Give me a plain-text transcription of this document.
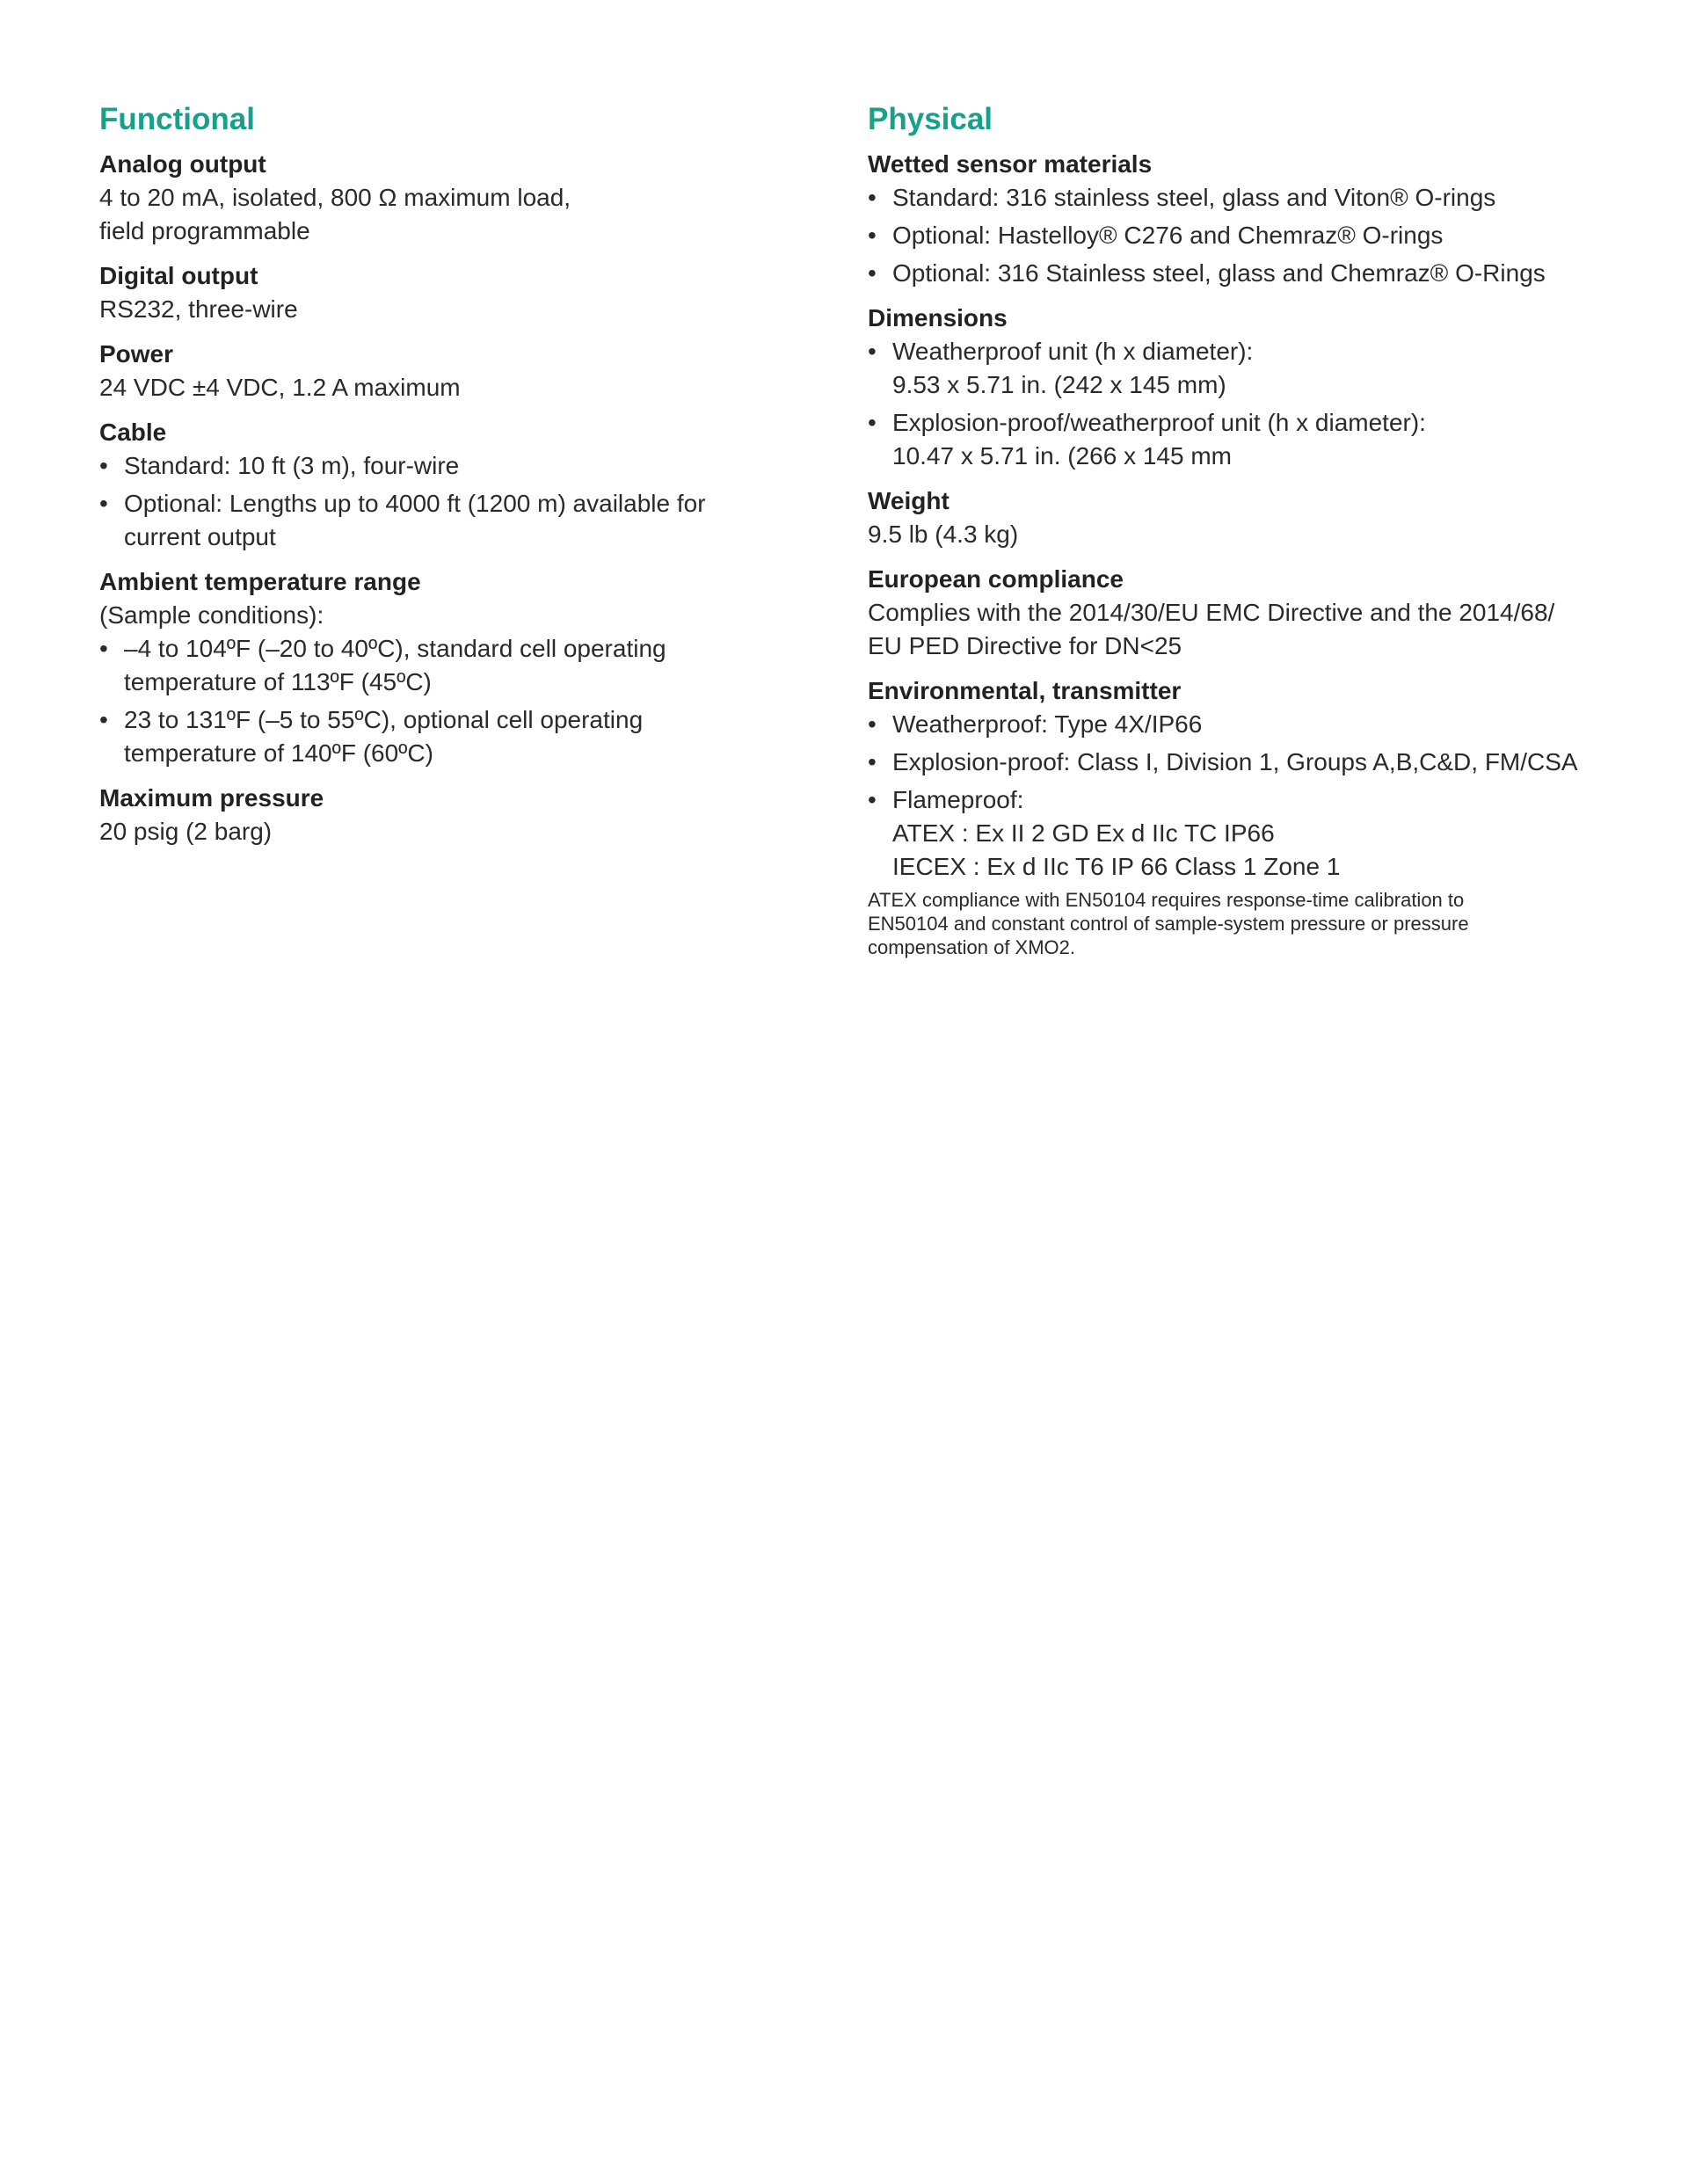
Functional
Analog output
4 to 20 mA, isolated, 800 Ω maximum load,
field programmable
Digital output
RS232, three-wire
Power
24 VDC ±4 VDC, 1.2 A maximum
Cable
• Standard: 10 ft (3 m), four-wire
• Optional: Lengths up to 4000 ft (1200 m) available for
current output
Ambient temperature range
(Sample conditions):
• –4 to 104ºF (–20 to 40ºC), standard cell operating
temperature of 113ºF (45ºC)
• 23 to 131ºF (–5 to 55ºC), optional cell operating
temperature of 140ºF (60ºC)
Maximum pressure
20 psig (2 barg)
Physical
Wetted sensor materials
• Standard: 316 stainless steel, glass and Viton® O-rings
• Optional: Hastelloy® C276 and Chemraz® O-rings
• Optional: 316 Stainless steel, glass and Chemraz® O-Rings
Dimensions
• Weatherproof unit (h x diameter):
9.53 x 5.71 in. (242 x 145 mm)
• Explosion-proof/weatherproof unit (h x diameter):
10.47 x 5.71 in. (266 x 145 mm
Weight
9.5 lb (4.3 kg)
European compliance
Complies with the 2014/30/EU EMC Directive and the 2014/68/
EU PED Directive for DN<25
Environmental, transmitter
• Weatherproof: Type 4X/IP66
• Explosion-proof: Class I, Division 1, Groups A,B,C&D, FM/CSA
• Flameproof:
ATEX : Ex II 2 GD Ex d IIc TC IP66
IECEX : Ex d IIc T6 IP 66 Class 1 Zone 1
ATEX compliance with EN50104 requires response-time calibration to
EN50104 and constant control of sample-system pressure or pressure
compensation of XMO2.
